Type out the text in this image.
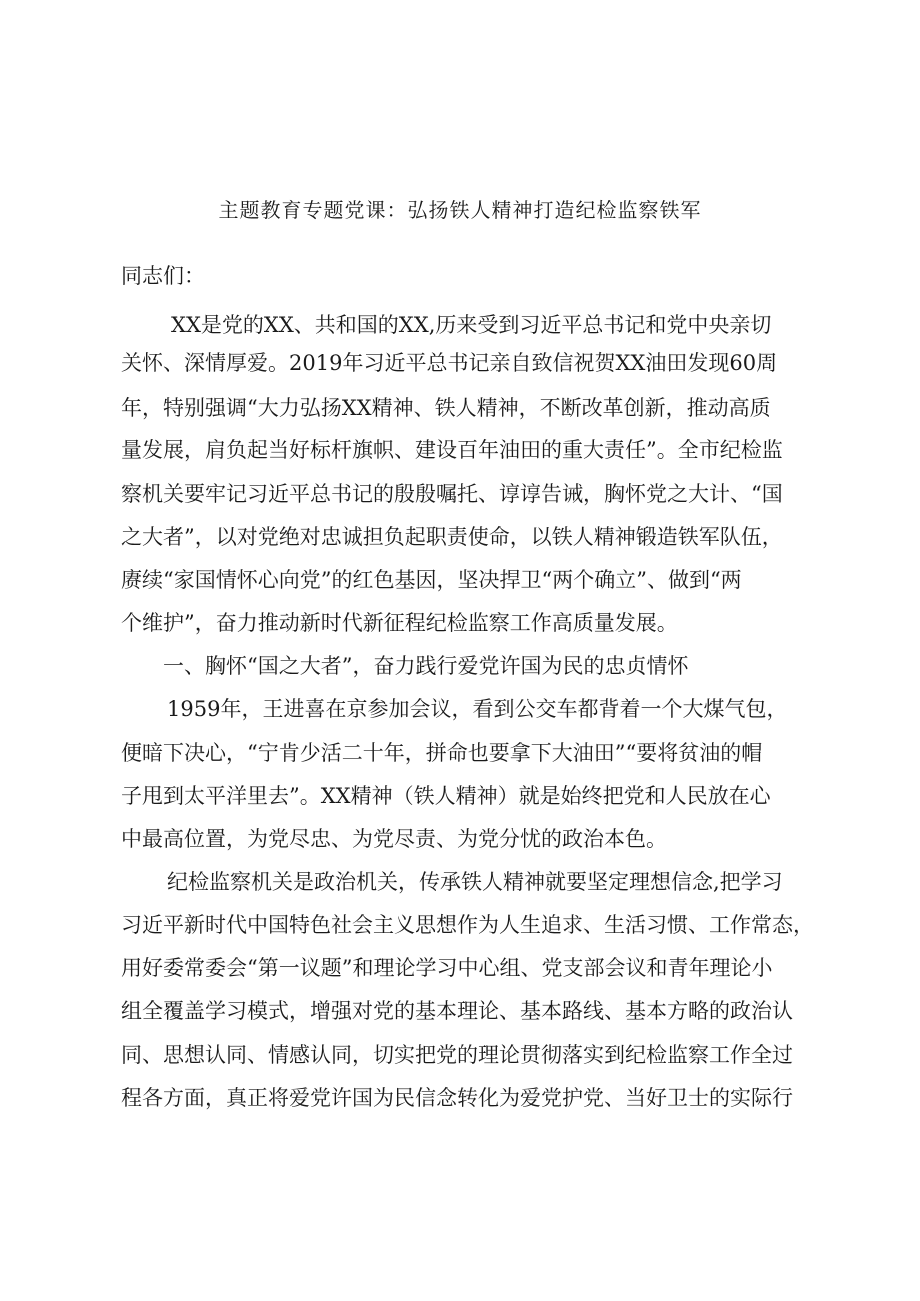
主题教育专题党课：弘扬铁人精神打造纪检监察铁军
同志们：
XX是党的XX、共和国的XX,历来受到习近平总书记和党中央亲切
关怀、深情厚爱。2019年习近平总书记亲自致信祝贺XX油田发现60周
年，特别强调“大力弘扬XX精神、铁人精神，不断改革创新，推动高质
量发展，肩负起当好标杆旗帜、建设百年油田的重大责任”。全市纪检监
察机关要牢记习近平总书记的殷殷嘱托、谆谆告诫，胸怀党之大计、“国
之大者”，以对党绝对忠诚担负起职责使命，以铁人精神锻造铁军队伍，
赓续“家国情怀心向党”的红色基因，坚决捍卫“两个确立”、做到“两
个维护”，奋力推动新时代新征程纪检监察工作高质量发展。
一、胸怀“国之大者”，奋力践行爱党许国为民的忠贞情怀
1959年，王进喜在京参加会议，看到公交车都背着一个大煤气包，
便暗下决心，“宁肯少活二十年，拼命也要拿下大油田”“要将贫油的帽
子甩到太平洋里去”。XX精神（铁人精神）就是始终把党和人民放在心
中最高位置，为党尽忠、为党尽责、为党分忧的政治本色。
纪检监察机关是政治机关，传承铁人精神就要坚定理想信念,把学习
习近平新时代中国特色社会主义思想作为人生追求、生活习惯、工作常态，
用好委常委会“第一议题”和理论学习中心组、党支部会议和青年理论小
组全覆盖学习模式，增强对党的基本理论、基本路线、基本方略的政治认
同、思想认同、情感认同，切实把党的理论贯彻落实到纪检监察工作全过
程各方面，真正将爱党许国为民信念转化为爱党护党、当好卫士的实际行
